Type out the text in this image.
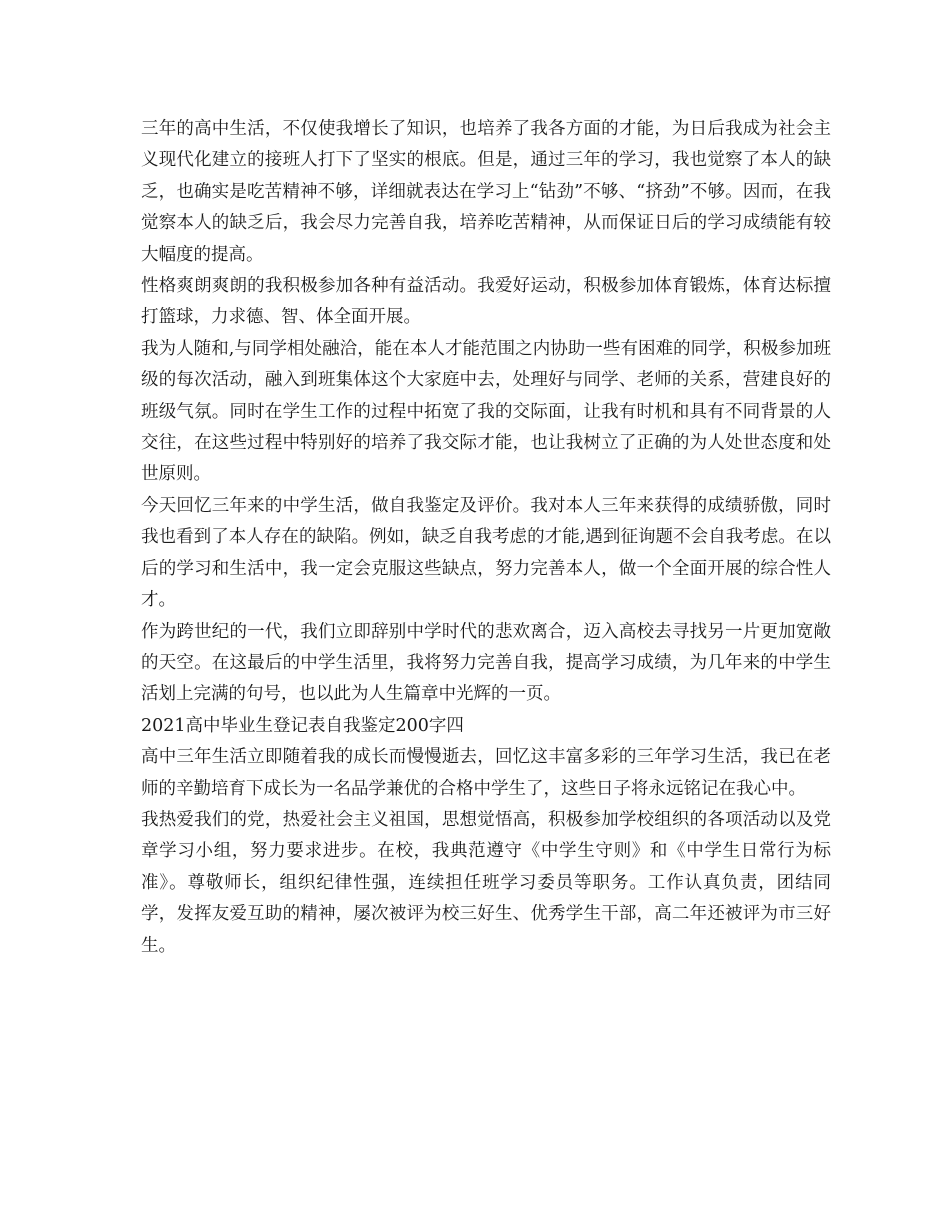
三年的高中生活，不仅使我增长了知识，也培养了我各方面的才能，为日后我成为社会主义现代化建立的接班人打下了坚实的根底。但是，通过三年的学习，我也觉察了本人的缺乏，也确实是吃苦精神不够，详细就表达在学习上“钻劲”不够、“挤劲”不够。因而，在我觉察本人的缺乏后，我会尽力完善自我，培养吃苦精神，从而保证日后的学习成绩能有较大幅度的提高。

性格爽朗爽朗的我积极参加各种有益活动。我爱好运动，积极参加体育锻炼，体育达标擅打篮球，力求德、智、体全面开展。

我为人随和,与同学相处融洽，能在本人才能范围之内协助一些有困难的同学，积极参加班级的每次活动，融入到班集体这个大家庭中去，处理好与同学、老师的关系，营建良好的班级气氛。同时在学生工作的过程中拓宽了我的交际面，让我有时机和具有不同背景的人交往，在这些过程中特别好的培养了我交际才能，也让我树立了正确的为人处世态度和处世原则。

今天回忆三年来的中学生活，做自我鉴定及评价。我对本人三年来获得的成绩骄傲，同时我也看到了本人存在的缺陷。例如，缺乏自我考虑的才能,遇到征询题不会自我考虑。在以后的学习和生活中，我一定会克服这些缺点，努力完善本人，做一个全面开展的综合性人才。

作为跨世纪的一代，我们立即辞别中学时代的悲欢离合，迈入高校去寻找另一片更加宽敞的天空。在这最后的中学生活里，我将努力完善自我，提高学习成绩，为几年来的中学生活划上完满的句号，也以此为人生篇章中光辉的一页。

2021高中毕业生登记表自我鉴定200字四

高中三年生活立即随着我的成长而慢慢逝去，回忆这丰富多彩的三年学习生活，我已在老师的辛勤培育下成长为一名品学兼优的合格中学生了，这些日子将永远铭记在我心中。

我热爱我们的党，热爱社会主义祖国，思想觉悟高，积极参加学校组织的各项活动以及党章学习小组，努力要求进步。在校，我典范遵守《中学生守则》和《中学生日常行为标准》。尊敬师长，组织纪律性强，连续担任班学习委员等职务。工作认真负责，团结同学，发挥友爱互助的精神，屡次被评为校三好生、优秀学生干部，高二年还被评为市三好生。
